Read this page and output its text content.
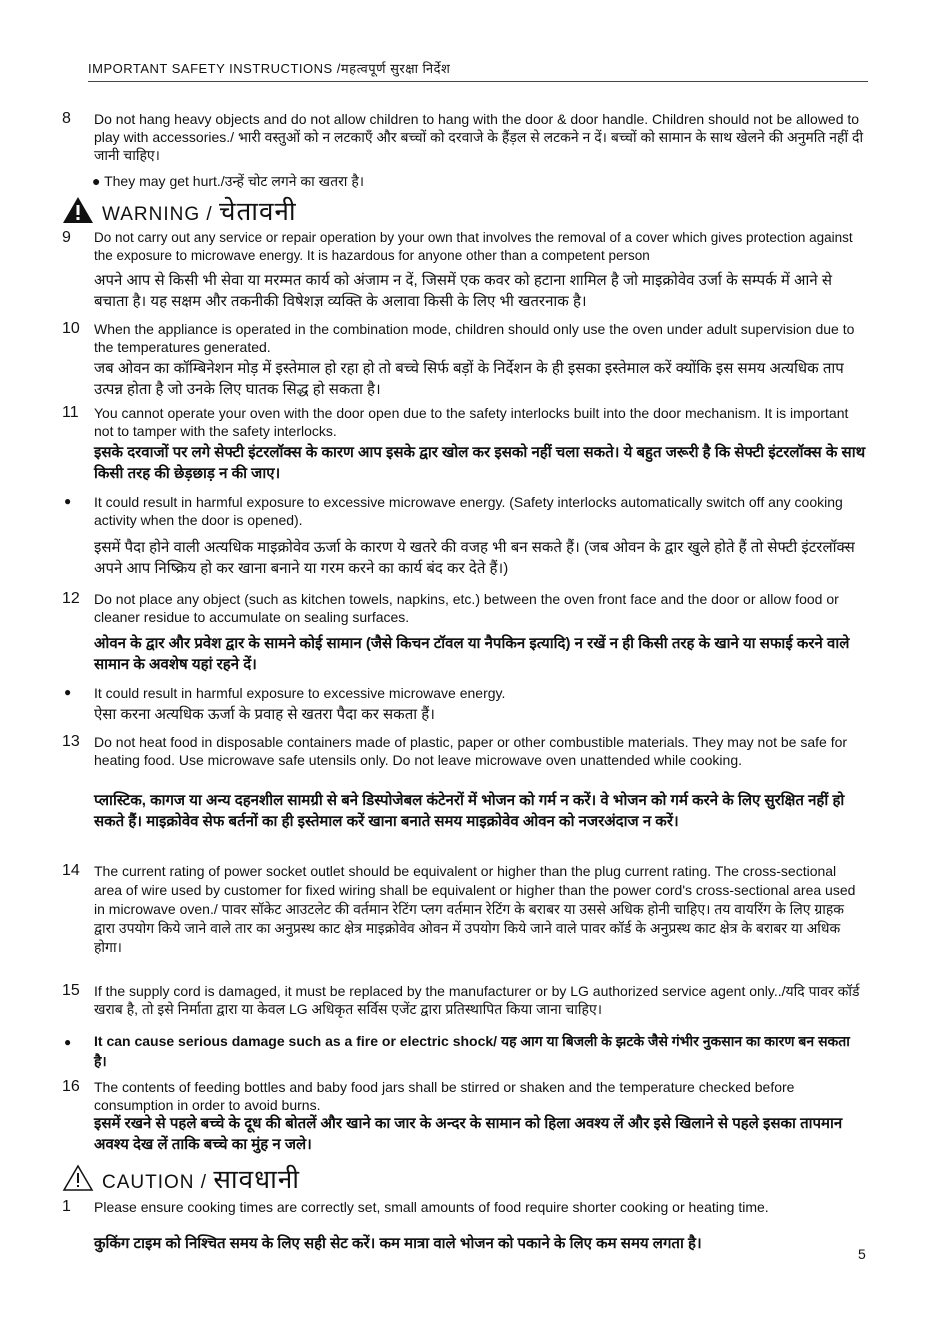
IMPORTANT SAFETY INSTRUCTIONS /महत्वपूर्ण सुरक्षा निर्देश
8 Do not hang heavy objects and do not allow children to hang with the door & door handle. Children should not be allowed to play with accessories./ भारी वस्तुओं को न लटकाएँ और बच्चों को दरवाजे के हैंड़ल से लटकने न दें। बच्चों को सामान के साथ खेलने की अनुमति नहीं दी जानी चाहिए।
● They may get hurt./उन्हें चोट लगने का खतरा है।
WARNING / चेतावनी
9 Do not carry out any service or repair operation by your own that involves the removal of a cover which gives protection against the exposure to microwave energy. It is hazardous for anyone other than a competent person
अपने आप से किसी भी सेवा या मरम्मत कार्य को अंजाम न दें, जिसमें एक कवर को हटाना शामिल है जो माइक्रोवेव उर्जा के सम्पर्क में आने से बचाता है। यह सक्षम और तकनीकी विषेशज्ञ व्यक्ति के अलावा किसी के लिए भी खतरनाक है।
10 When the appliance is operated in the combination mode, children should only use the oven under adult supervision due to the temperatures generated.
जब ओवन का कॉम्बिनेशन मोड़ में इस्तेमाल हो रहा हो तो बच्चे सिर्फ बड़ों के निर्देशन के ही इसका इस्तेमाल करें क्योंकि इस समय अत्यधिक ताप उत्पन्न होता है जो उनके लिए घातक सिद्ध हो सकता है।
11 You cannot operate your oven with the door open due to the safety interlocks built into the door mechanism. It is important not to tamper with the safety interlocks.
इसके दरवाजों पर लगे सेफ्टी इंटरलॉक्स के कारण आप इसके द्वार खोल कर इसको नहीं चला सकते। ये बहुत जरूरी है कि सेफ्टी इंटरलॉक्स के साथ किसी तरह की छेड़छाड़ न की जाए।
● It could result in harmful exposure to excessive microwave energy. (Safety interlocks automatically switch off any cooking activity when the door is opened).
इसमें पैदा होने वाली अत्यधिक माइक्रोवेव ऊर्जा के कारण ये खतरे की वजह भी बन सकते हैं। (जब ओवन के द्वार खुले होते हैं तो सेफ्टी इंटरलॉक्स अपने आप निष्क्रिय हो कर खाना बनाने या गरम करने का कार्य बंद कर देते हैं।)
12 Do not place any object (such as kitchen towels, napkins, etc.) between the oven front face and the door or allow food or cleaner residue to accumulate on sealing surfaces.
ओवन के द्वार और प्रवेश द्वार के सामने कोई सामान (जैसे किचन टॉवल या नैपकिन इत्यादि) न रखें न ही किसी तरह के खाने या सफाई करने वाले सामान के अवशेष यहां रहने दें।
● It could result in harmful exposure to excessive microwave energy.
ऐसा करना अत्यधिक ऊर्जा के प्रवाह से खतरा पैदा कर सकता हैं।
13 Do not heat food in disposable containers made of plastic, paper or other combustible materials. They may not be safe for heating food. Use microwave safe utensils only. Do not leave microwave oven unattended while cooking.
प्लास्टिक, कागज या अन्य दहनशील सामग्री से बने डिस्पोजेबल कंटेनरों में भोजन को गर्म न करें। वे भोजन को गर्म करने के लिए सुरक्षित नहीं हो सकते हैं। माइक्रोवेव सेफ बर्तनों का ही इस्तेमाल करें खाना बनाते समय माइक्रोवेव ओवन को नजरअंदाज न करें।
14 The current rating of power socket outlet should be equivalent or higher than the plug current rating. The cross-sectional area of wire used by customer for fixed wiring shall be equivalent or higher than the power cord's cross-sectional area used in microwave oven./ पावर सॉकेट आउटलेट की वर्तमान रेटिंग प्लग वर्तमान रेटिंग के बराबर या उससे अधिक होनी चाहिए। तय वायरिंग के लिए ग्राहक द्वारा उपयोग किये जाने वाले तार का अनुप्रस्थ काट क्षेत्र माइक्रोवेव ओवन में उपयोग किये जाने वाले पावर कॉर्ड के अनुप्रस्थ काट क्षेत्र के बराबर या अधिक होगा।
15 If the supply cord is damaged, it must be replaced by the manufacturer or by LG authorized service agent only../यदि पावर कॉर्ड खराब है, तो इसे निर्माता द्वारा या केवल LG अधिकृत सर्विस एजेंट द्वारा प्रतिस्थापित किया जाना चाहिए।
● It can cause serious damage such as a fire or electric shock/ यह आग या बिजली के झटके जैसे गंभीर नुकसान का कारण बन सकता है।
16 The contents of feeding bottles and baby food jars shall be stirred or shaken and the temperature checked before consumption in order to avoid burns.
इसमें रखने से पहले बच्चे के दूध की बोतलें और खाने का जार के अन्दर के सामान को हिला अवश्य लें और इसे खिलाने से पहले इसका तापमान अवश्य देख लें ताकि बच्चे का मुंह न जले।
CAUTION / सावधानी
1 Please ensure cooking times are correctly set, small amounts of food require shorter cooking or heating time.
कुकिंग टाइम को निश्चित समय के लिए सही सेट करें। कम मात्रा वाले भोजन को पकाने के लिए कम समय लगता है।
5
